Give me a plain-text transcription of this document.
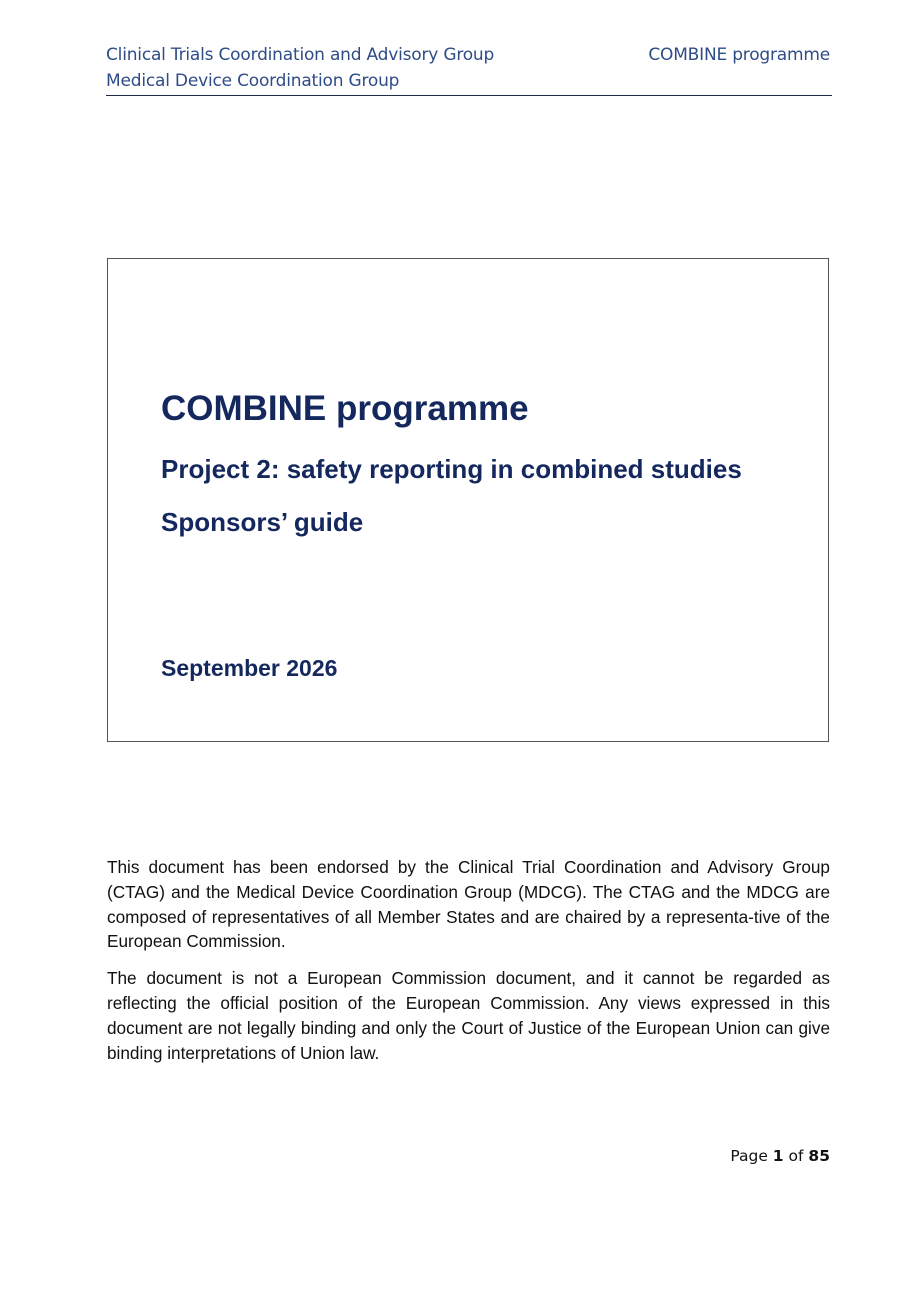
Clinical Trials Coordination and Advisory Group
Medical Device Coordination Group
COMBINE programme
COMBINE programme
Project 2: safety reporting in combined studies
Sponsors’ guide
September 2026

This document has been endorsed by the Clinical Trial Coordination and Advisory Group (CTAG) and the Medical Device Coordination Group (MDCG). The CTAG and the MDCG are composed of representatives of all Member States and are chaired by a representa-tive of the European Commission.

The document is not a European Commission document, and it cannot be regarded as reflecting the official position of the European Commission. Any views expressed in this document are not legally binding and only the Court of Justice of the European Union can give binding interpretations of Union law.

Page 1 of 85
